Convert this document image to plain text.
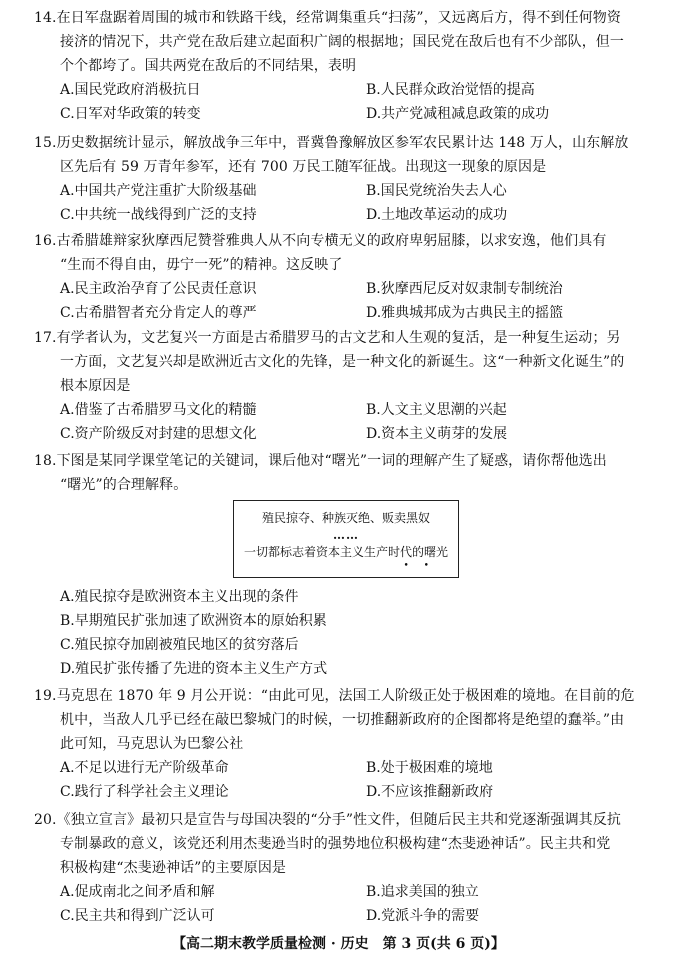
14.在日军盘踞着周围的城市和铁路干线，经常调集重兵“扫荡”，又远离后方，得不到任何物资
接济的情况下，共产党在敌后建立起面积广阔的根据地；国民党在敌后也有不少部队，但一
个个都垮了。国共两党在敌后的不同结果，表明
A.国民党政府消极抗日	B.人民群众政治觉悟的提高
C.日军对华政策的转变	D.共产党减租减息政策的成功
15.历史数据统计显示，解放战争三年中，晋冀鲁豫解放区参军农民累计达 148 万人，山东解放
区先后有 59 万青年参军，还有 700 万民工随军征战。出现这一现象的原因是
A.中国共产党注重扩大阶级基础	B.国民党统治失去人心
C.中共统一战线得到广泛的支持	D.土地改革运动的成功
16.古希腊雄辩家狄摩西尼赞誉雅典人从不向专横无义的政府卑躬屈膝，以求安逸，他们具有
“生而不得自由，毋宁一死”的精神。这反映了
A.民主政治孕育了公民责任意识	B.狄摩西尼反对奴隶制专制统治
C.古希腊智者充分肯定人的尊严	D.雅典城邦成为古典民主的摇篮
17.有学者认为，文艺复兴一方面是古希腊罗马的古文艺和人生观的复活，是一种复生运动；另
一方面，文艺复兴却是欧洲近古文化的先锋，是一种文化的新诞生。这“一种新文化诞生”的
根本原因是
A.借鉴了古希腊罗马文化的精髓	B.人文主义思潮的兴起
C.资产阶级反对封建的思想文化	D.资本主义萌芽的发展
18.下图是某同学课堂笔记的关键词，课后他对“曙光”一词的理解产生了疑惑，请你帮他选出
“曙光”的合理解释。
殖民掠夺、种族灭绝、贩卖黑奴
……
一切都标志着资本主义生产时代的曙光
• •
A.殖民掠夺是欧洲资本主义出现的条件
B.早期殖民扩张加速了欧洲资本的原始积累
C.殖民掠夺加剧被殖民地区的贫穷落后
D.殖民扩张传播了先进的资本主义生产方式
19.马克思在 1870 年 9 月公开说：“由此可见，法国工人阶级正处于极困难的境地。在目前的危
机中，当敌人几乎已经在敲巴黎城门的时候，一切推翻新政府的企图都将是绝望的蠢举。”由
此可知，马克思认为巴黎公社
A.不足以进行无产阶级革命	B.处于极困难的境地
C.践行了科学社会主义理论	D.不应该推翻新政府
20.《独立宣言》最初只是宣告与母国决裂的“分手”性文件，但随后民主共和党逐渐强调其反抗
专制暴政的意义，该党还利用杰斐逊当时的强势地位积极构建“杰斐逊神话”。民主共和党
积极构建“杰斐逊神话”的主要原因是
A.促成南北之间矛盾和解	B.追求美国的独立
C.民主共和得到广泛认可	D.党派斗争的需要
【高二期末教学质量检测 · 历史　第 3 页(共 6 页)】
